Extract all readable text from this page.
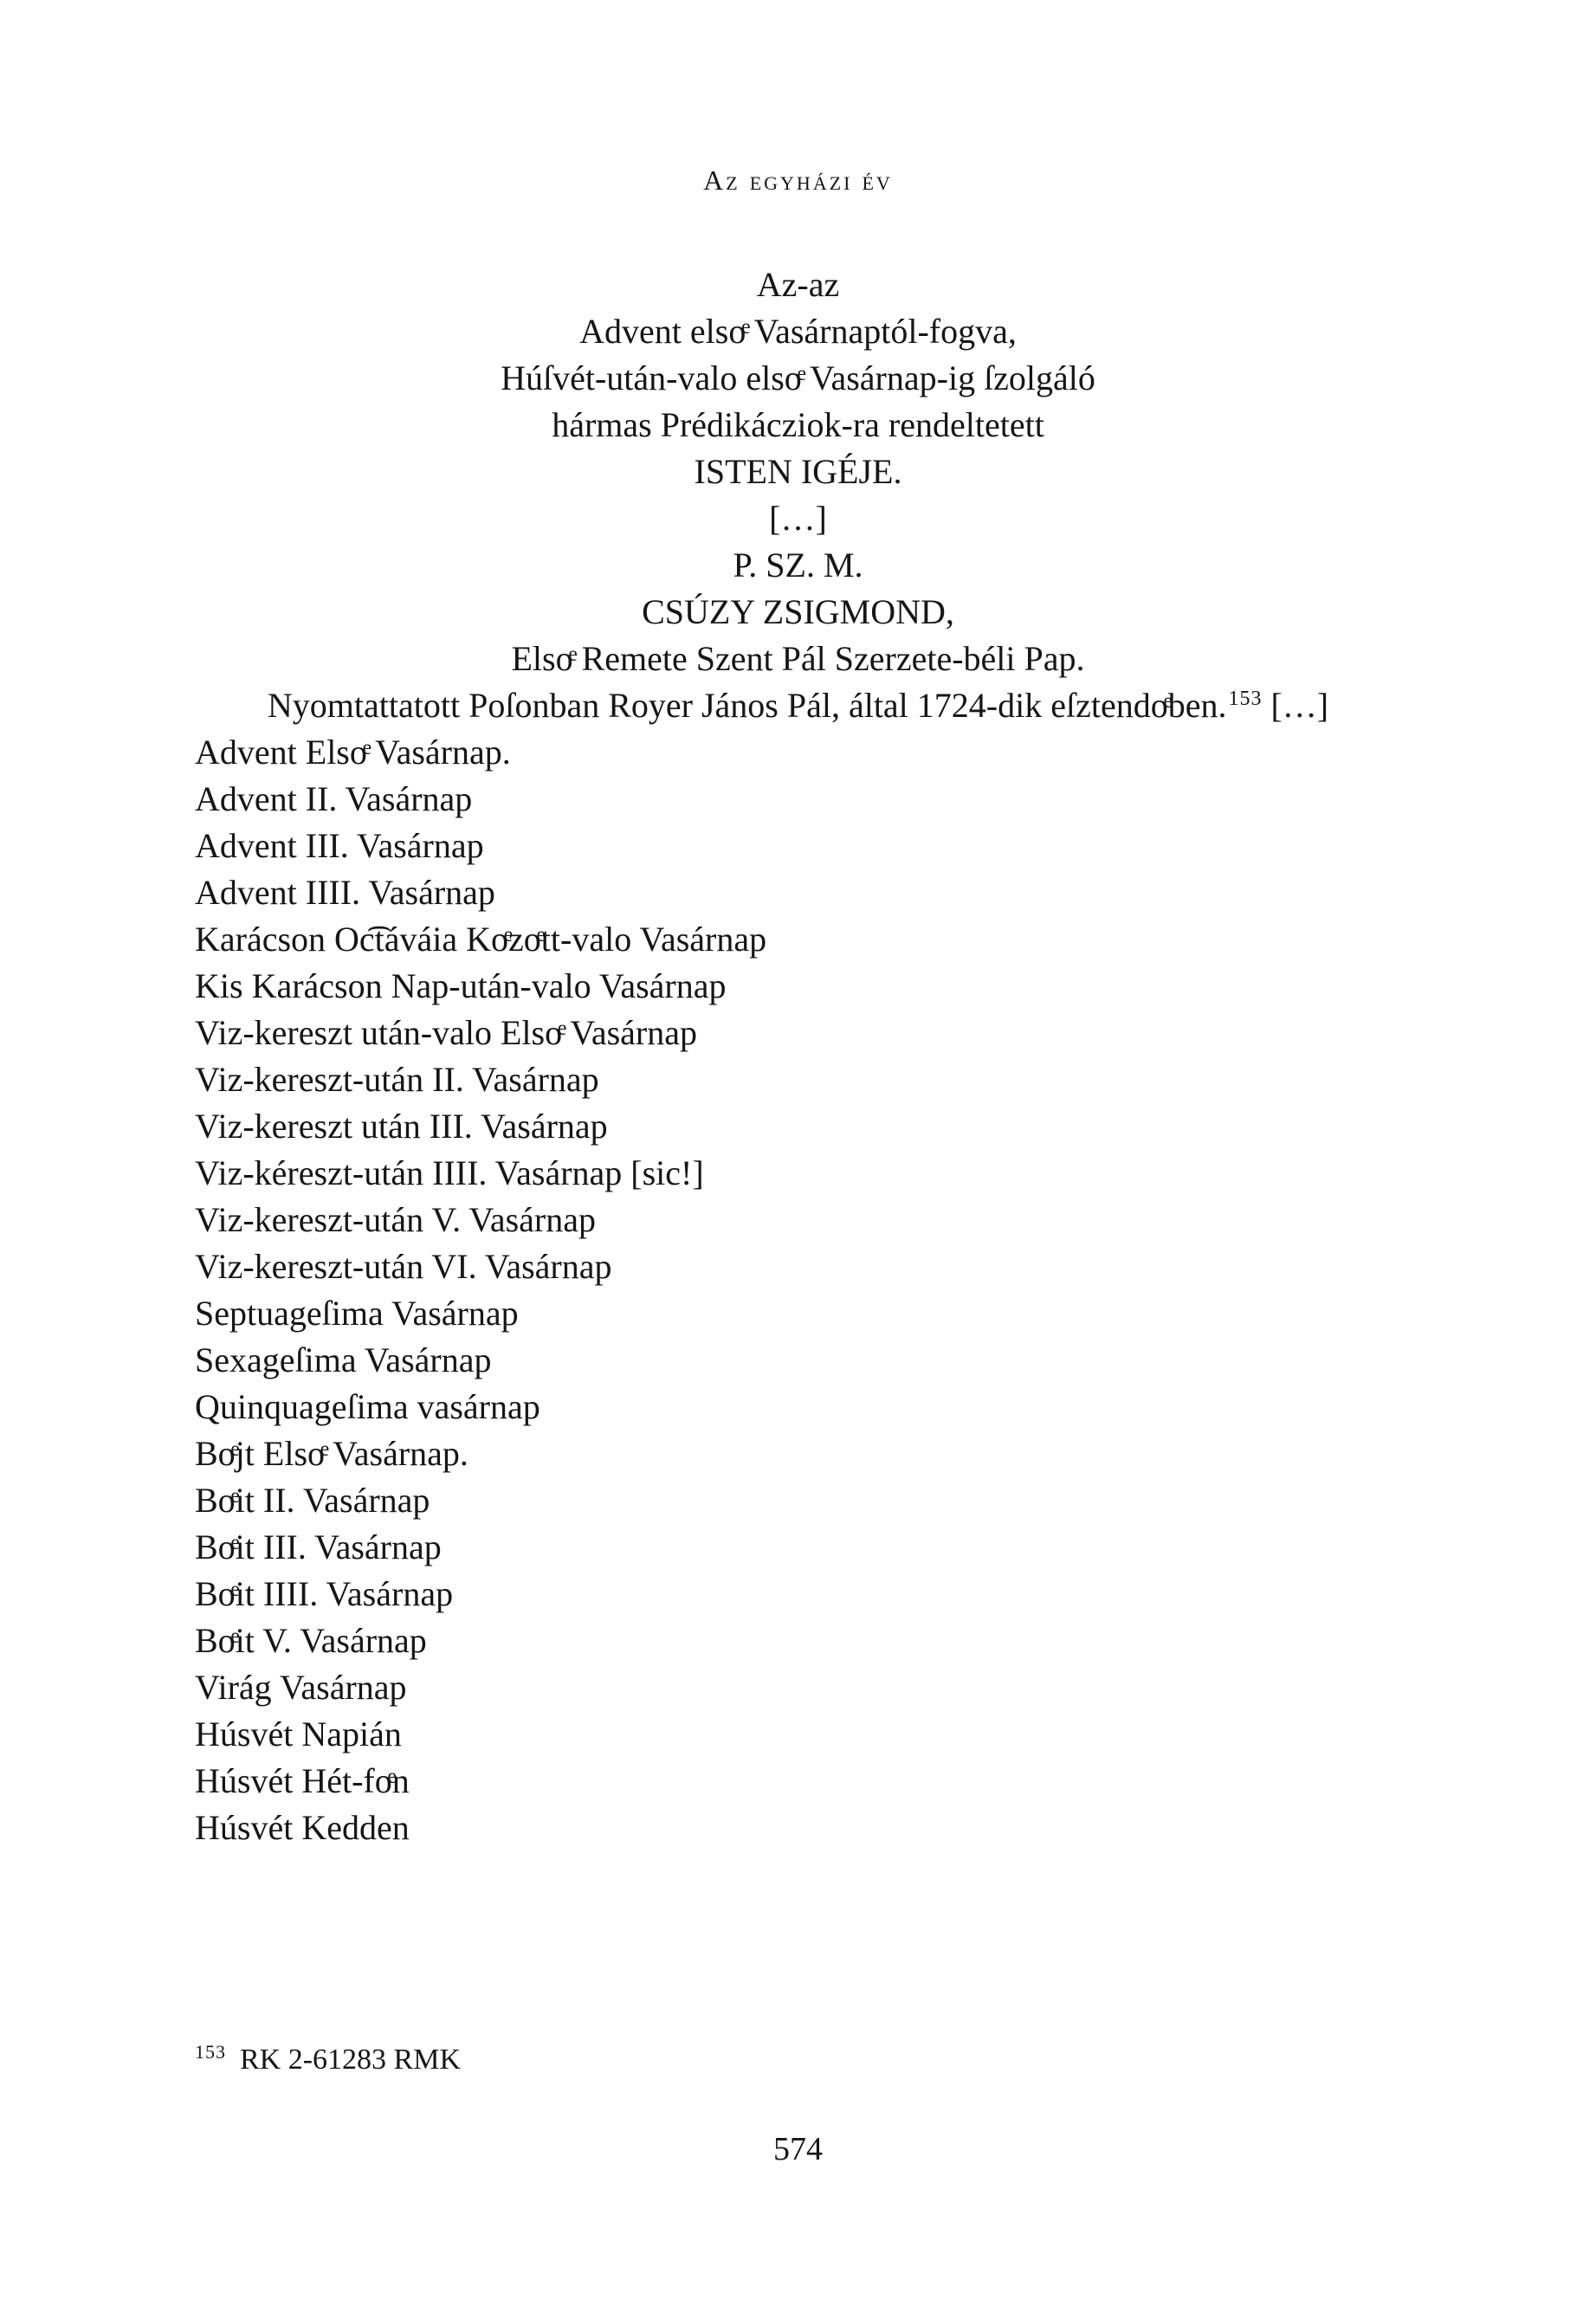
Az egyházi év
Az-az
Advent elsoͤ Vasárnaptól-fogva,
Húſvét-után-valo elsoͤ Vasárnap-ig ſzolgáló
hármas Prédikácziok-ra rendeltetett
ISTEN IGÉJE.
[…]
P. SZ. M.
CSÚZY ZSIGMOND,
Elsoͤ Remete Szent Pál Szerzete-béli Pap.
Nyomtattatott Poſonban Royer János Pál, által 1724-dik eſztendoͤben.$^{153}$ […]
Advent Elsoͤ Vasárnap.
Advent II. Vasárnap
Advent III. Vasárnap
Advent IIII. Vasárnap
Karácson Oc͡táváia Koͤzoͤtt-valo Vasárnap
Kis Karácson Nap-után-valo Vasárnap
Viz-kereszt után-valo Elsoͤ Vasárnap
Viz-kereszt-után II. Vasárnap
Viz-kereszt után III. Vasárnap
Viz-kéreszt-után IIII. Vasárnap [sic!]
Viz-kereszt-után V. Vasárnap
Viz-kereszt-után VI. Vasárnap
Septuageſima Vasárnap
Sexageſima Vasárnap
Quinquageſima vasárnap
Boͤjt Elsoͤ Vasárnap.
Boͤit II. Vasárnap
Boͤit III. Vasárnap
Boͤit IIII. Vasárnap
Boͤit V. Vasárnap
Virág Vasárnap
Húsvét Napián
Húsvét Hét-foͤn
Húsvét Kedden
$^{153}$ RK 2-61283 RMK
574
